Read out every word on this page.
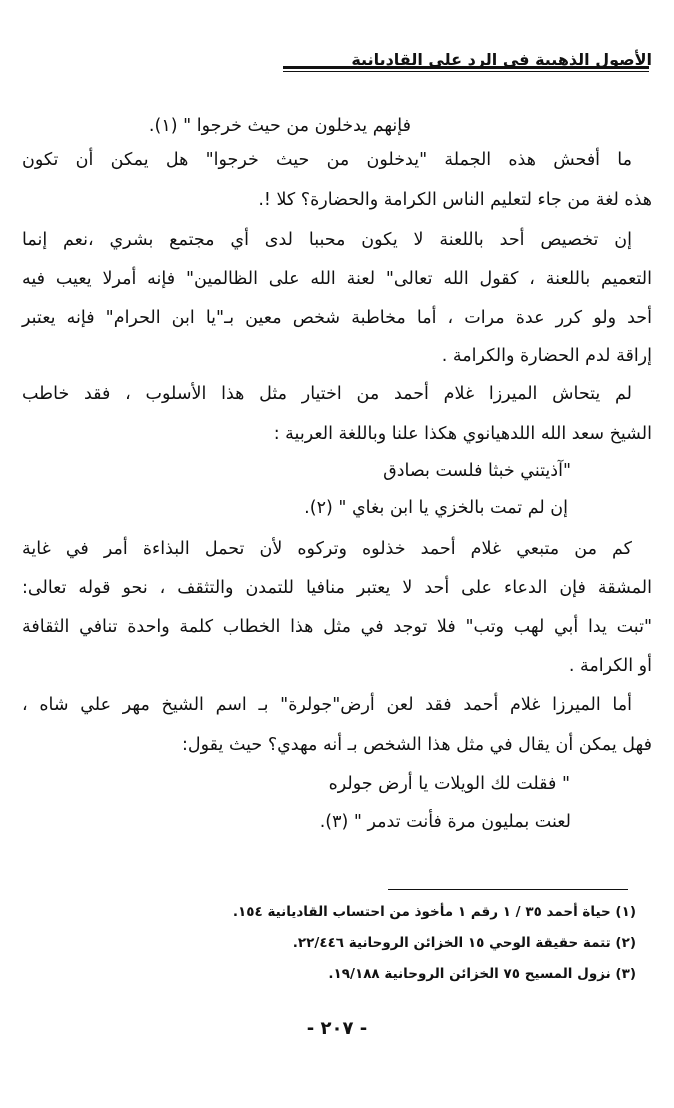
الأصول الذهبية في الرد على القاديانية
فإنهم يدخلون من حيث خرجوا " (١).
ما أفحش هذه الجملة "يدخلون من حيث خرجوا" هل يمكن أن تكون
هذه لغة من جاء لتعليم الناس الكرامة والحضارة؟ كلا !.
إن تخصيص أحد باللعنة لا يكون محببا لدى أي مجتمع بشري ،نعم إنما
التعميم باللعنة ، كقول الله تعالى" لعنة الله على الظالمين" فإنه أمرلا يعيب فيه
أحد ولو كرر عدة مرات ، أما مخاطبة شخص معين بـ"يا ابن الحرام" فإنه يعتبر
إراقة لدم الحضارة والكرامة .
لم يتحاش الميرزا غلام أحمد من اختيار مثل هذا الأسلوب ، فقد خاطب
الشيخ سعد الله اللدهيانوي هكذا علنا وباللغة العربية :
"آذيتني خبثا فلست بصادق
إن لم تمت بالخزي يا ابن بغاي " (٢).
كم من متبعي غلام أحمد خذلوه وتركوه لأن تحمل البذاءة أمر في غاية
المشقة فإن الدعاء على أحد لا يعتبر منافيا للتمدن والتثقف ، نحو قوله تعالى:
"تبت يدا أبي لهب وتب" فلا توجد في مثل هذا الخطاب كلمة واحدة تنافي الثقافة
أو الكرامة .
أما الميرزا غلام أحمد فقد لعن أرض"جولرة" بـ اسم الشيخ مهر علي شاه ،
فهل يمكن أن يقال في مثل هذا الشخص بـ أنه مهدي؟ حيث يقول:
" فقلت لك الويلات يا أرض جولره
لعنت بمليون مرة فأنت تدمر " (٣).
(١) حياة أحمد ٣٥ / ١ رقم ١ مأخوذ من احتساب القاديانية ١٥٤.
(٢) تتمة حقيقة الوحي ١٥ الخزائن الروحانية ٢٢/٤٤٦.
(٣) نزول المسيح ٧٥ الخزائن الروحانية ١٩/١٨٨.
- ٢٠٧ -
